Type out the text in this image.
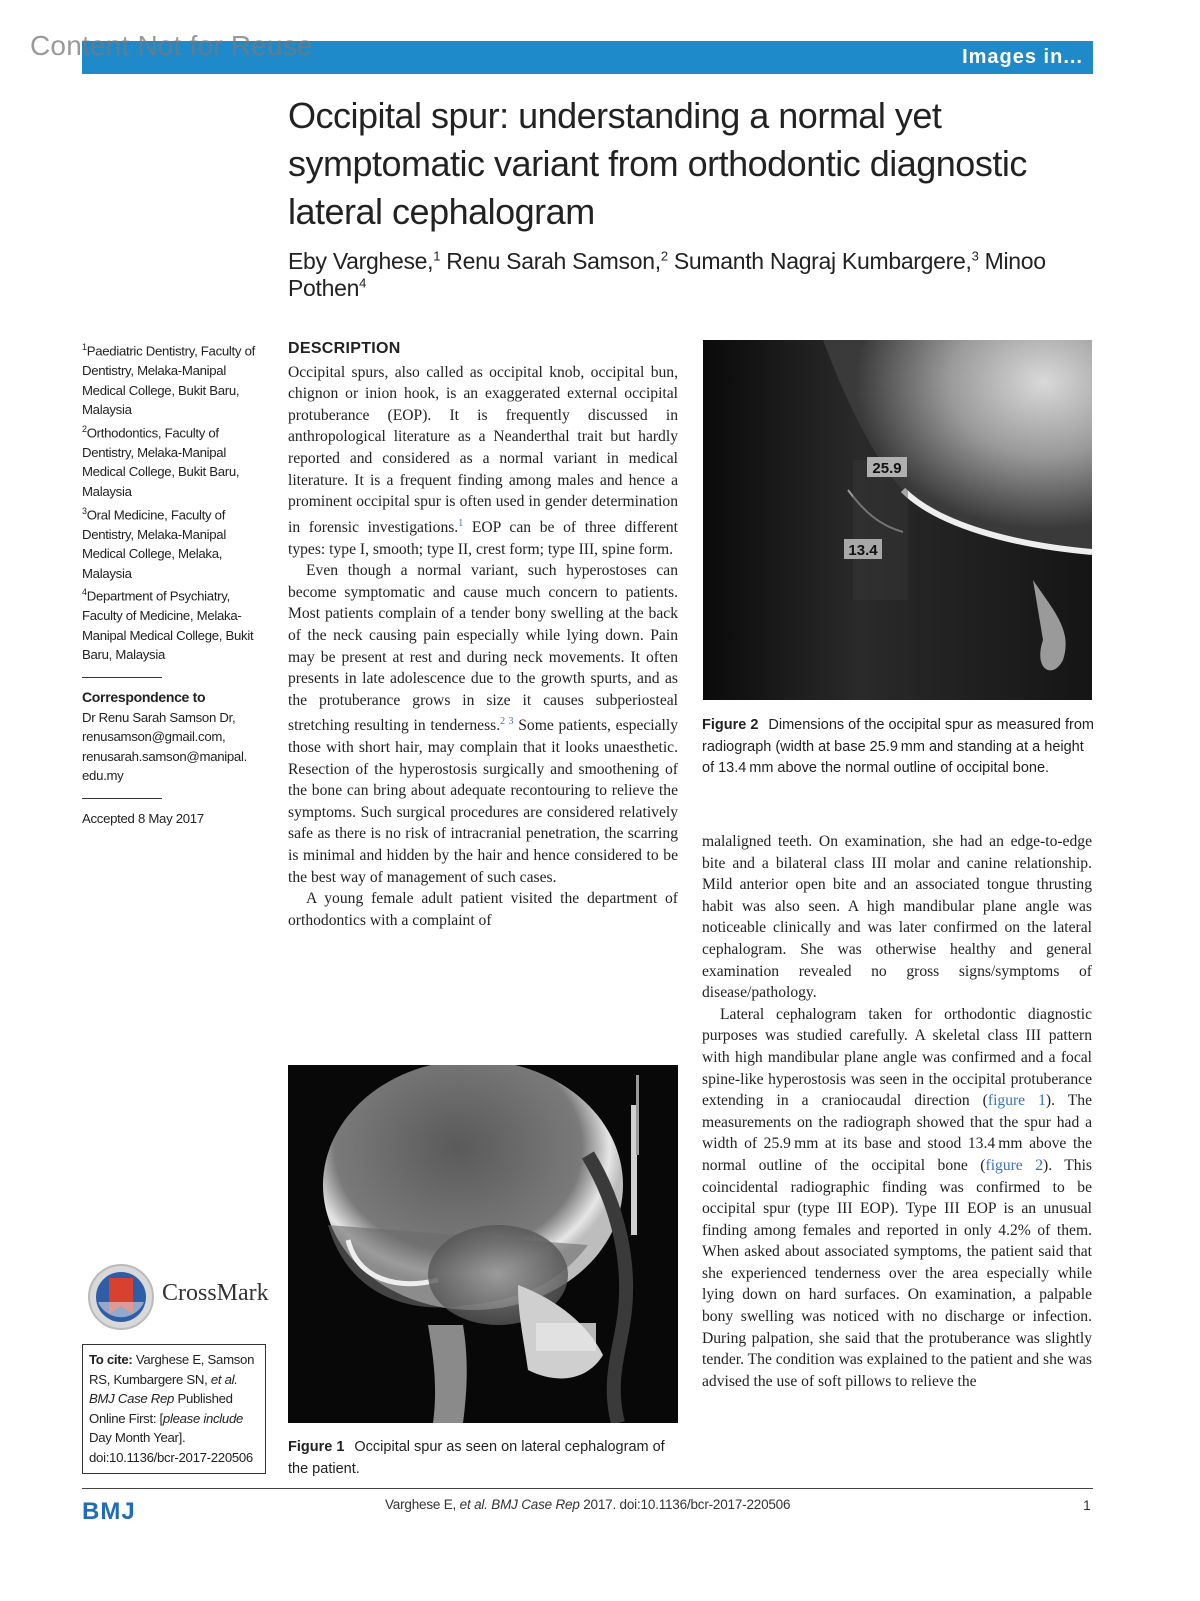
Content Not for Reuse	Images in...
Occipital spur: understanding a normal yet symptomatic variant from orthodontic diagnostic lateral cephalogram
Eby Varghese,$^1$ Renu Sarah Samson,$^2$ Sumanth Nagraj Kumbargere,$^3$ Minoo Pothen$^4$
$^1$Paediatric Dentistry, Faculty of Dentistry, Melaka-Manipal Medical College, Bukit Baru, Malaysia
$^2$Orthodontics, Faculty of Dentistry, Melaka-Manipal Medical College, Bukit Baru, Malaysia
$^3$Oral Medicine, Faculty of Dentistry, Melaka-Manipal Medical College, Melaka, Malaysia
$^4$Department of Psychiatry, Faculty of Medicine, Melaka-Manipal Medical College, Bukit Baru, Malaysia
Correspondence to
Dr Renu Sarah Samson Dr,
renusamson@gmail.com,
renusarah.samson@manipal.
edu.my
Accepted 8 May 2017
DESCRIPTION

Occipital spurs, also called as occipital knob, occipital bun, chignon or inion hook, is an exaggerated external occipital protuberance (EOP). It is frequently discussed in anthropological literature as a Neanderthal trait but hardly reported and considered as a normal variant in medical literature. It is a frequent finding among males and hence a prominent occipital spur is often used in gender determination in forensic investigations.$^1$ EOP can be of three different types: type I, smooth; type II, crest form; type III, spine form.

Even though a normal variant, such hyperostoses can become symptomatic and cause much concern to patients. Most patients complain of a tender bony swelling at the back of the neck causing pain especially while lying down. Pain may be present at rest and during neck movements. It often presents in late adolescence due to the growth spurts, and as the protuberance grows in size it causes subperiosteal stretching resulting in tenderness.$^{2 3}$ Some patients, especially those with short hair, may complain that it looks unaesthetic. Resection of the hyperostosis surgically and smoothening of the bone can bring about adequate recontouring to relieve the symptoms. Such surgical procedures are considered relatively safe as there is no risk of intracranial penetration, the scarring is minimal and hidden by the hair and hence considered to be the best way of management of such cases.

A young female adult patient visited the department of orthodontics with a complaint of

25.9
13.4
Figure 2 Dimensions of the occipital spur as measured from radiograph (width at base 25.9 mm and standing at a height of 13.4 mm above the normal outline of occipital bone.

malaligned teeth. On examination, she had an edge-to-edge bite and a bilateral class III molar and canine relationship. Mild anterior open bite and an associated tongue thrusting habit was also seen. A high mandibular plane angle was noticeable clinically and was later confirmed on the lateral cephalogram. She was otherwise healthy and general examination revealed no gross signs/symptoms of disease/pathology.

Lateral cephalogram taken for orthodontic diagnostic purposes was studied carefully. A skeletal class III pattern with high mandibular plane angle was confirmed and a focal spine-like hyperostosis was seen in the occipital protuberance extending in a craniocaudal direction (figure 1). The measurements on the radiograph showed that the spur had a width of 25.9 mm at its base and stood 13.4 mm above the normal outline of the occipital bone (figure 2). This coincidental radiographic finding was confirmed to be occipital spur (type III EOP). Type III EOP is an unusual finding among females and reported in only 4.2% of them. When asked about associated symptoms, the patient said that she experienced tenderness over the area especially while lying down on hard surfaces. On examination, a palpable bony swelling was noticed with no discharge or infection. During palpation, she said that the protuberance was slightly tender. The condition was explained to the patient and she was advised the use of soft pillows to relieve the

Figure 1 Occipital spur as seen on lateral cephalogram of the patient.
CrossMark
To cite: Varghese E, Samson RS, Kumbargere SN, et al. BMJ Case Rep Published Online First: [please include Day Month Year]. doi:10.1136/bcr-2017-220506
BMJ	Varghese E, et al. BMJ Case Rep 2017. doi:10.1136/bcr-2017-220506	1
